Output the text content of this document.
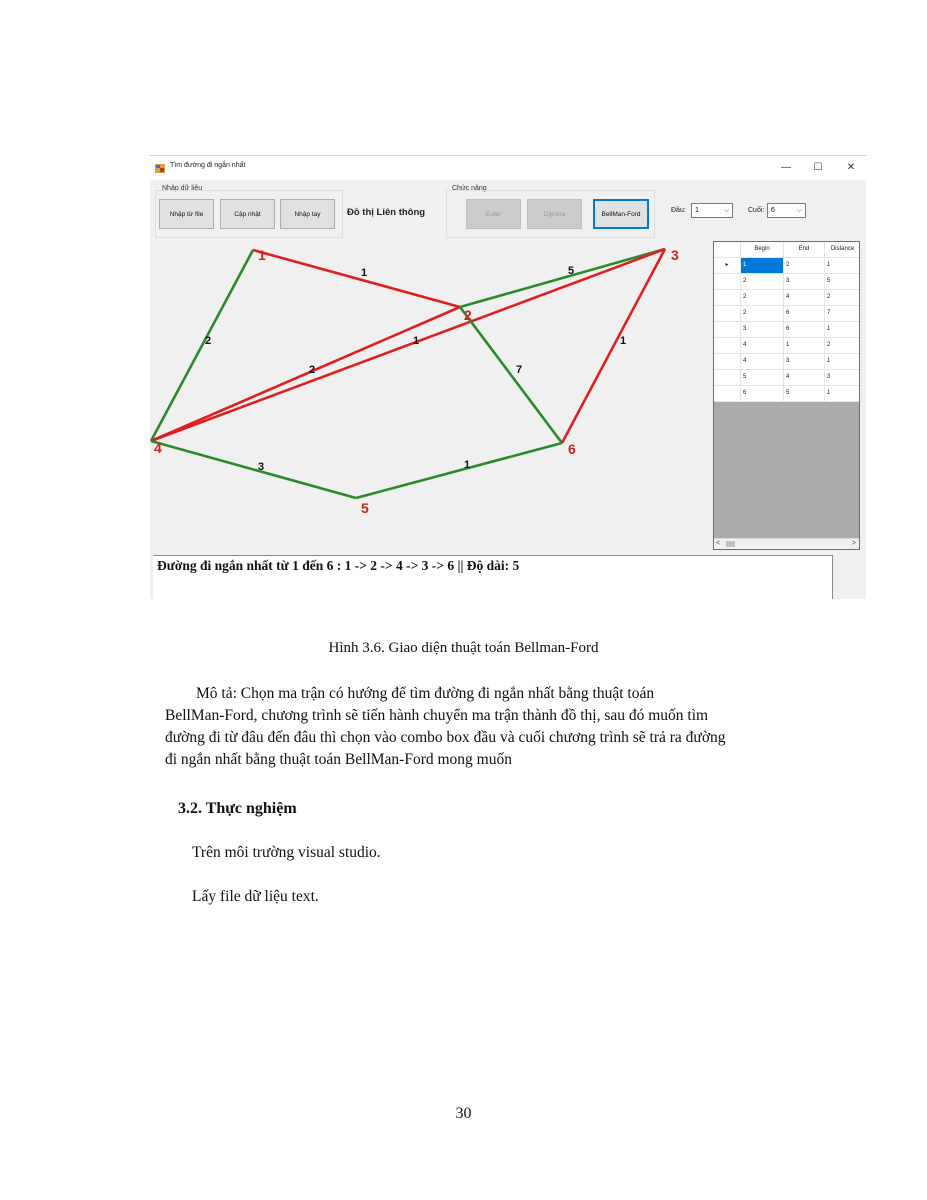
Tìm đường đi ngắn nhất	—	☐	✕
Nhập dữ liệu
Nhập từ file	Cập nhật	Nhập tay	Đồ thị Liên thông
Chức năng
Euler	Dịjkstra	BellMan-Ford	Đầu:	1	⌵	Cuối: 6	⌵
1	5
2
2
1
7
1
3	1
1
2
3
4
5
6
Begin	End	Distance
▸	1	2	1
2	3	5
2	4	2
2	6	7
3	6	1
4	1	2
4	3	1
5	4	3
6	5	1
<	>
Đường đi ngắn nhất từ 1 đến 6 : 1 -> 2 -> 4 -> 3 -> 6 || Độ dài: 5
Hình 3.6. Giao diện thuật toán Bellman-Ford
Mô tả: Chọn ma trận có hướng để tìm đường đi ngắn nhất bằng thuật toán
BellMan-Ford, chương trình sẽ tiến hành chuyển ma trận thành đồ thị, sau đó muốn tìm
đường đi từ đâu đến đâu thì chọn vào combo box đầu và cuối chương trình sẽ trả ra đường
đi ngắn nhất bằng thuật toán BellMan-Ford mong muốn
3.2. Thực nghiệm
Trên môi trường visual studio.
Lấy file dữ liệu text.
30
